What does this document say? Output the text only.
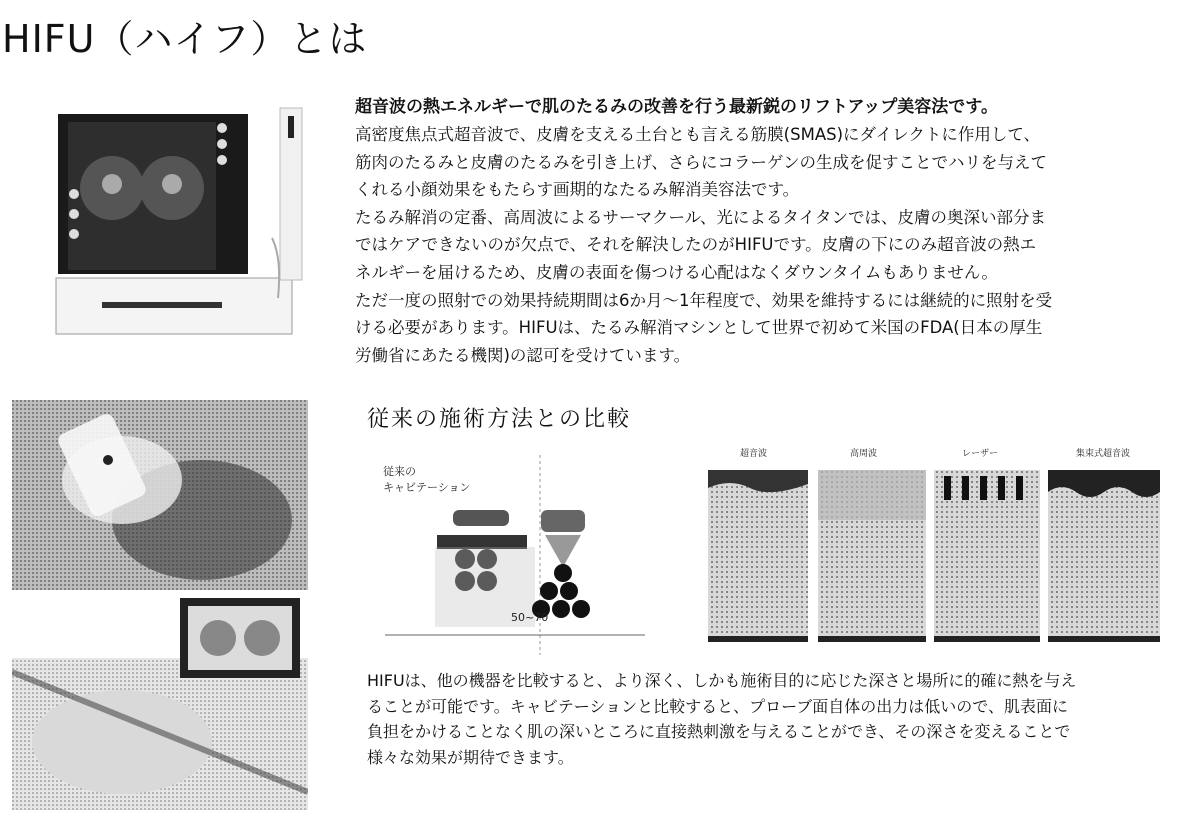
HIFU（ハイフ）とは

超音波の熱エネルギーで肌のたるみの改善を行う最新鋭のリフトアップ美容法です。

高密度焦点式超音波で、皮膚を支える土台とも言える筋膜(SMAS)にダイレクトに作用して、

筋肉のたるみと皮膚のたるみを引き上げ、さらにコラーゲンの生成を促すことでハリを与えて

くれる小顔効果をもたらす画期的なたるみ解消美容法です。

たるみ解消の定番、高周波によるサーマクール、光によるタイタンでは、皮膚の奥深い部分ま

ではケアできないのが欠点で、それを解決したのがHIFUです。皮膚の下にのみ超音波の熱エ

ネルギーを届けるため、皮膚の表面を傷つける心配はなくダウンタイムもありません。

ただ一度の照射での効果持続期間は6か月～1年程度で、効果を維持するには継続的に照射を受

ける必要があります。HIFUは、たるみ解消マシンとして世界で初めて米国のFDA(日本の厚生

労働省にあたる機関)の認可を受けています。

従来の施術方法との比較
従来の
キャビテーション
50~70
超音波	高周波	レーザー	集束式超音波

HIFUは、他の機器を比較すると、より深く、しかも施術目的に応じた深さと場所に的確に熱を与え

ることが可能です。キャビテーションと比較すると、プローブ面自体の出力は低いので、肌表面に

負担をかけることなく肌の深いところに直接熱刺激を与えることができ、その深さを変えることで

様々な効果が期待できます。
